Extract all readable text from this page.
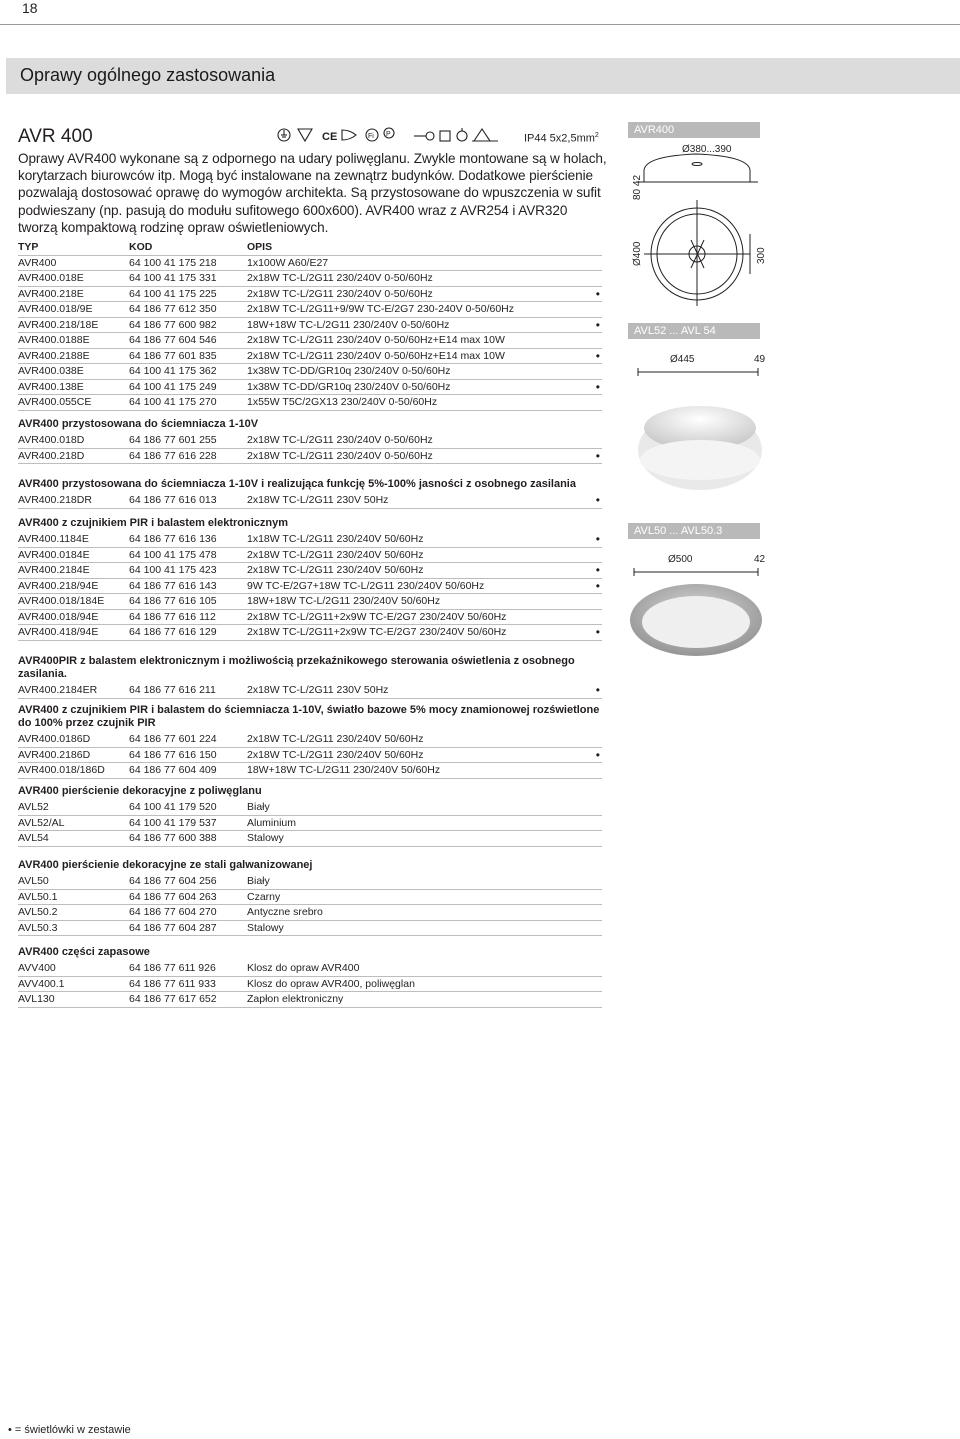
18
Oprawy ogólnego zastosowania
AVR 400	CE	Fi P	IP44 $5x2,5mm^2$
Oprawy AVR400 wykonane są z odpornego na udary poliwęglanu. Zwykle montowane są w holach, korytarzach biurowców itp. Mogą być instalowane na zewnątrz budynków. Dodatkowe pierścienie pozwalają dostosować oprawę do wymogów architekta. Są przystosowane do wpuszczenia w sufit podwieszany (np. pasują do modułu sufitowego 600x600). AVR400 wraz z AVR254 i AVR320 tworzą kompaktową rodzinę opraw oświetleniowych.
TYP	KOD	OPIS
AVR400	64 100 41 175 218	1x100W A60/E27
AVR400.018E	64 100 41 175 331	2x18W TC-L/2G11 230/240V 0-50/60Hz
AVR400.218E	64 100 41 175 225	2x18W TC-L/2G11 230/240V 0-50/60Hz	•
AVR400.018/9E	64 186 77 612 350	2x18W TC-L/2G11+9/9W TC-E/2G7 230-240V 0-50/60Hz
AVR400.218/18E	64 186 77 600 982	18W+18W TC-L/2G11 230/240V 0-50/60Hz	•
AVR400.0188E	64 186 77 604 546	2x18W TC-L/2G11 230/240V 0-50/60Hz+E14 max 10W
AVR400.2188E	64 186 77 601 835	2x18W TC-L/2G11 230/240V 0-50/60Hz+E14 max 10W	•
AVR400.038E	64 100 41 175 362	1x38W TC-DD/GR10q 230/240V 0-50/60Hz
AVR400.138E	64 100 41 175 249	1x38W TC-DD/GR10q 230/240V 0-50/60Hz	•
AVR400.055CE	64 100 41 175 270	1x55W T5C/2GX13 230/240V 0-50/60Hz
AVR400 przystosowana do ściemniacza 1-10V
AVR400.018D	64 186 77 601 255	2x18W TC-L/2G11 230/240V 0-50/60Hz
AVR400.218D	64 186 77 616 228	2x18W TC-L/2G11 230/240V 0-50/60Hz	•
AVR400 przystosowana do ściemniacza 1-10V i realizująca funkcję 5%-100% jasności z osobnego zasilania
AVR400.218DR	64 186 77 616 013	2x18W TC-L/2G11 230V 50Hz	•
AVR400 z czujnikiem PIR i balastem elektronicznym
AVR400.1184E	64 186 77 616 136	1x18W TC-L/2G11 230/240V 50/60Hz	•
AVR400.0184E	64 100 41 175 478	2x18W TC-L/2G11 230/240V 50/60Hz
AVR400.2184E	64 100 41 175 423	2x18W TC-L/2G11 230/240V 50/60Hz	•
AVR400.218/94E	64 186 77 616 143	9W TC-E/2G7+18W TC-L/2G11 230/240V 50/60Hz	•
AVR400.018/184E 64 186 77 616 105	18W+18W TC-L/2G11 230/240V 50/60Hz
AVR400.018/94E	64 186 77 616 112	2x18W TC-L/2G11+2x9W TC-E/2G7 230/240V 50/60Hz
AVR400.418/94E	64 186 77 616 129	2x18W TC-L/2G11+2x9W TC-E/2G7 230/240V 50/60Hz	•
AVR400PIR z balastem elektronicznym i możliwością przekaźnikowego sterowania oświetlenia z osobnego zasilania.
AVR400.2184ER	64 186 77 616 211	2x18W TC-L/2G11 230V 50Hz	•
AVR400 z czujnikiem PIR i balastem do ściemniacza 1-10V, światło bazowe 5% mocy znamionowej rozświetlone do 100% przez czujnik PIR
AVR400.0186D	64 186 77 601 224	2x18W TC-L/2G11 230/240V 50/60Hz
AVR400.2186D	64 186 77 616 150	2x18W TC-L/2G11 230/240V 50/60Hz	•
AVR400.018/186D 64 186 77 604 409	18W+18W TC-L/2G11 230/240V 50/60Hz
AVR400 pierścienie dekoracyjne z poliwęglanu
AVL52	64 100 41 179 520	Biały
AVL52/AL	64 100 41 179 537	Aluminium
AVL54	64 186 77 600 388	Stalowy
AVR400 pierścienie dekoracyjne ze stali galwanizowanej
AVL50	64 186 77 604 256	Biały
AVL50.1	64 186 77 604 263	Czarny
AVL50.2	64 186 77 604 270	Antyczne srebro
AVL50.3	64 186 77 604 287	Stalowy
AVR400 części zapasowe
AVV400	64 186 77 611 926	Klosz do opraw AVR400
AVV400.1	64 186 77 611 933	Klosz do opraw AVR400, poliwęglan
AVL130	64 186 77 617 652	Zapłon elektroniczny
AVR400
Ø380...390
80 42
Ø400	300
AVL52 ... AVL 54
Ø445	49
AVL50 ... AVL50.3
Ø500	42
• = świetlówki w zestawie
